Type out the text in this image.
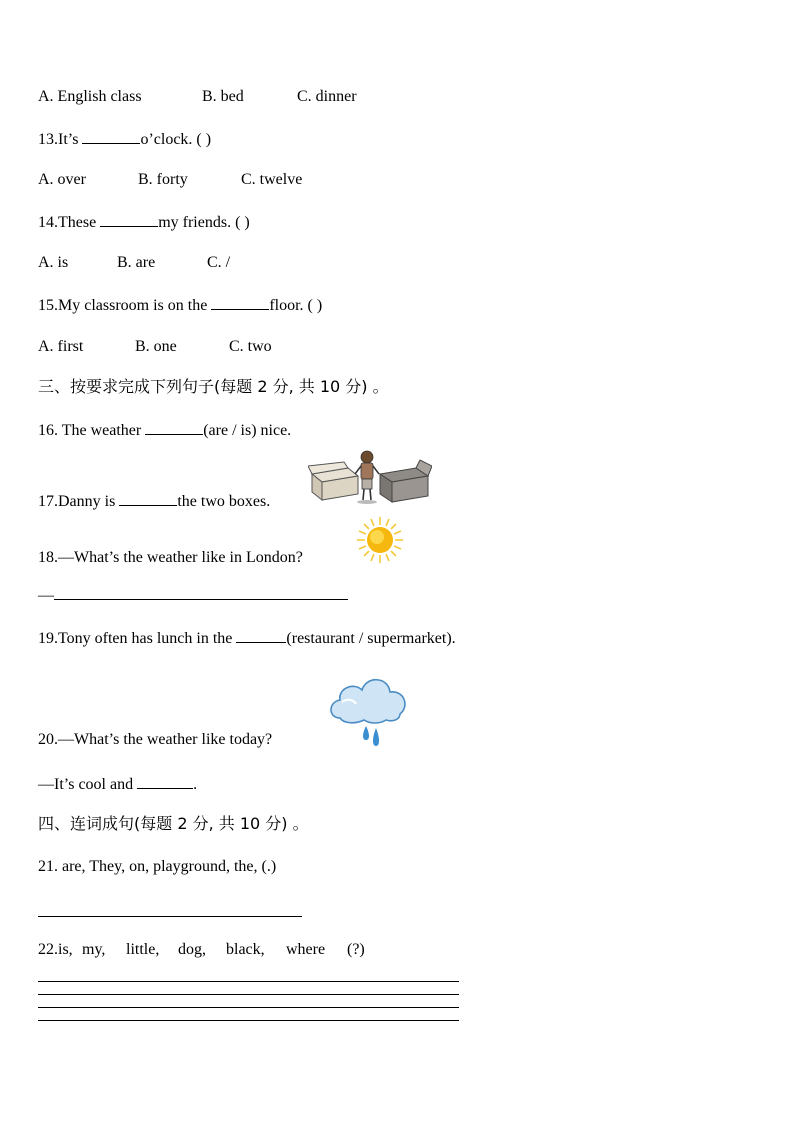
A. English class	B. bed	C. dinner
13.It’s	o’clock. ( )
A. over	B. forty	C. twelve
14.These	my friends. ( )
A. is	B. are	C. /
15.My classroom is on the	floor. ( )
A. first	B. one	C. two
三、按要求完成下列句子(每题 2 分, 共 10 分) 。
16. The weather	(are / is) nice.
17.Danny is	the two boxes.
18.—What’s the weather like in London?
—
19.Tony often has lunch in the	(restaurant / supermarket).
20.—What’s the weather like today?
—It’s cool and	.
四、连词成句(每题 2 分, 共 10 分) 。
21. are, They, on, playground, the, (.)
22.is, my, little, dog, black, where (?)
